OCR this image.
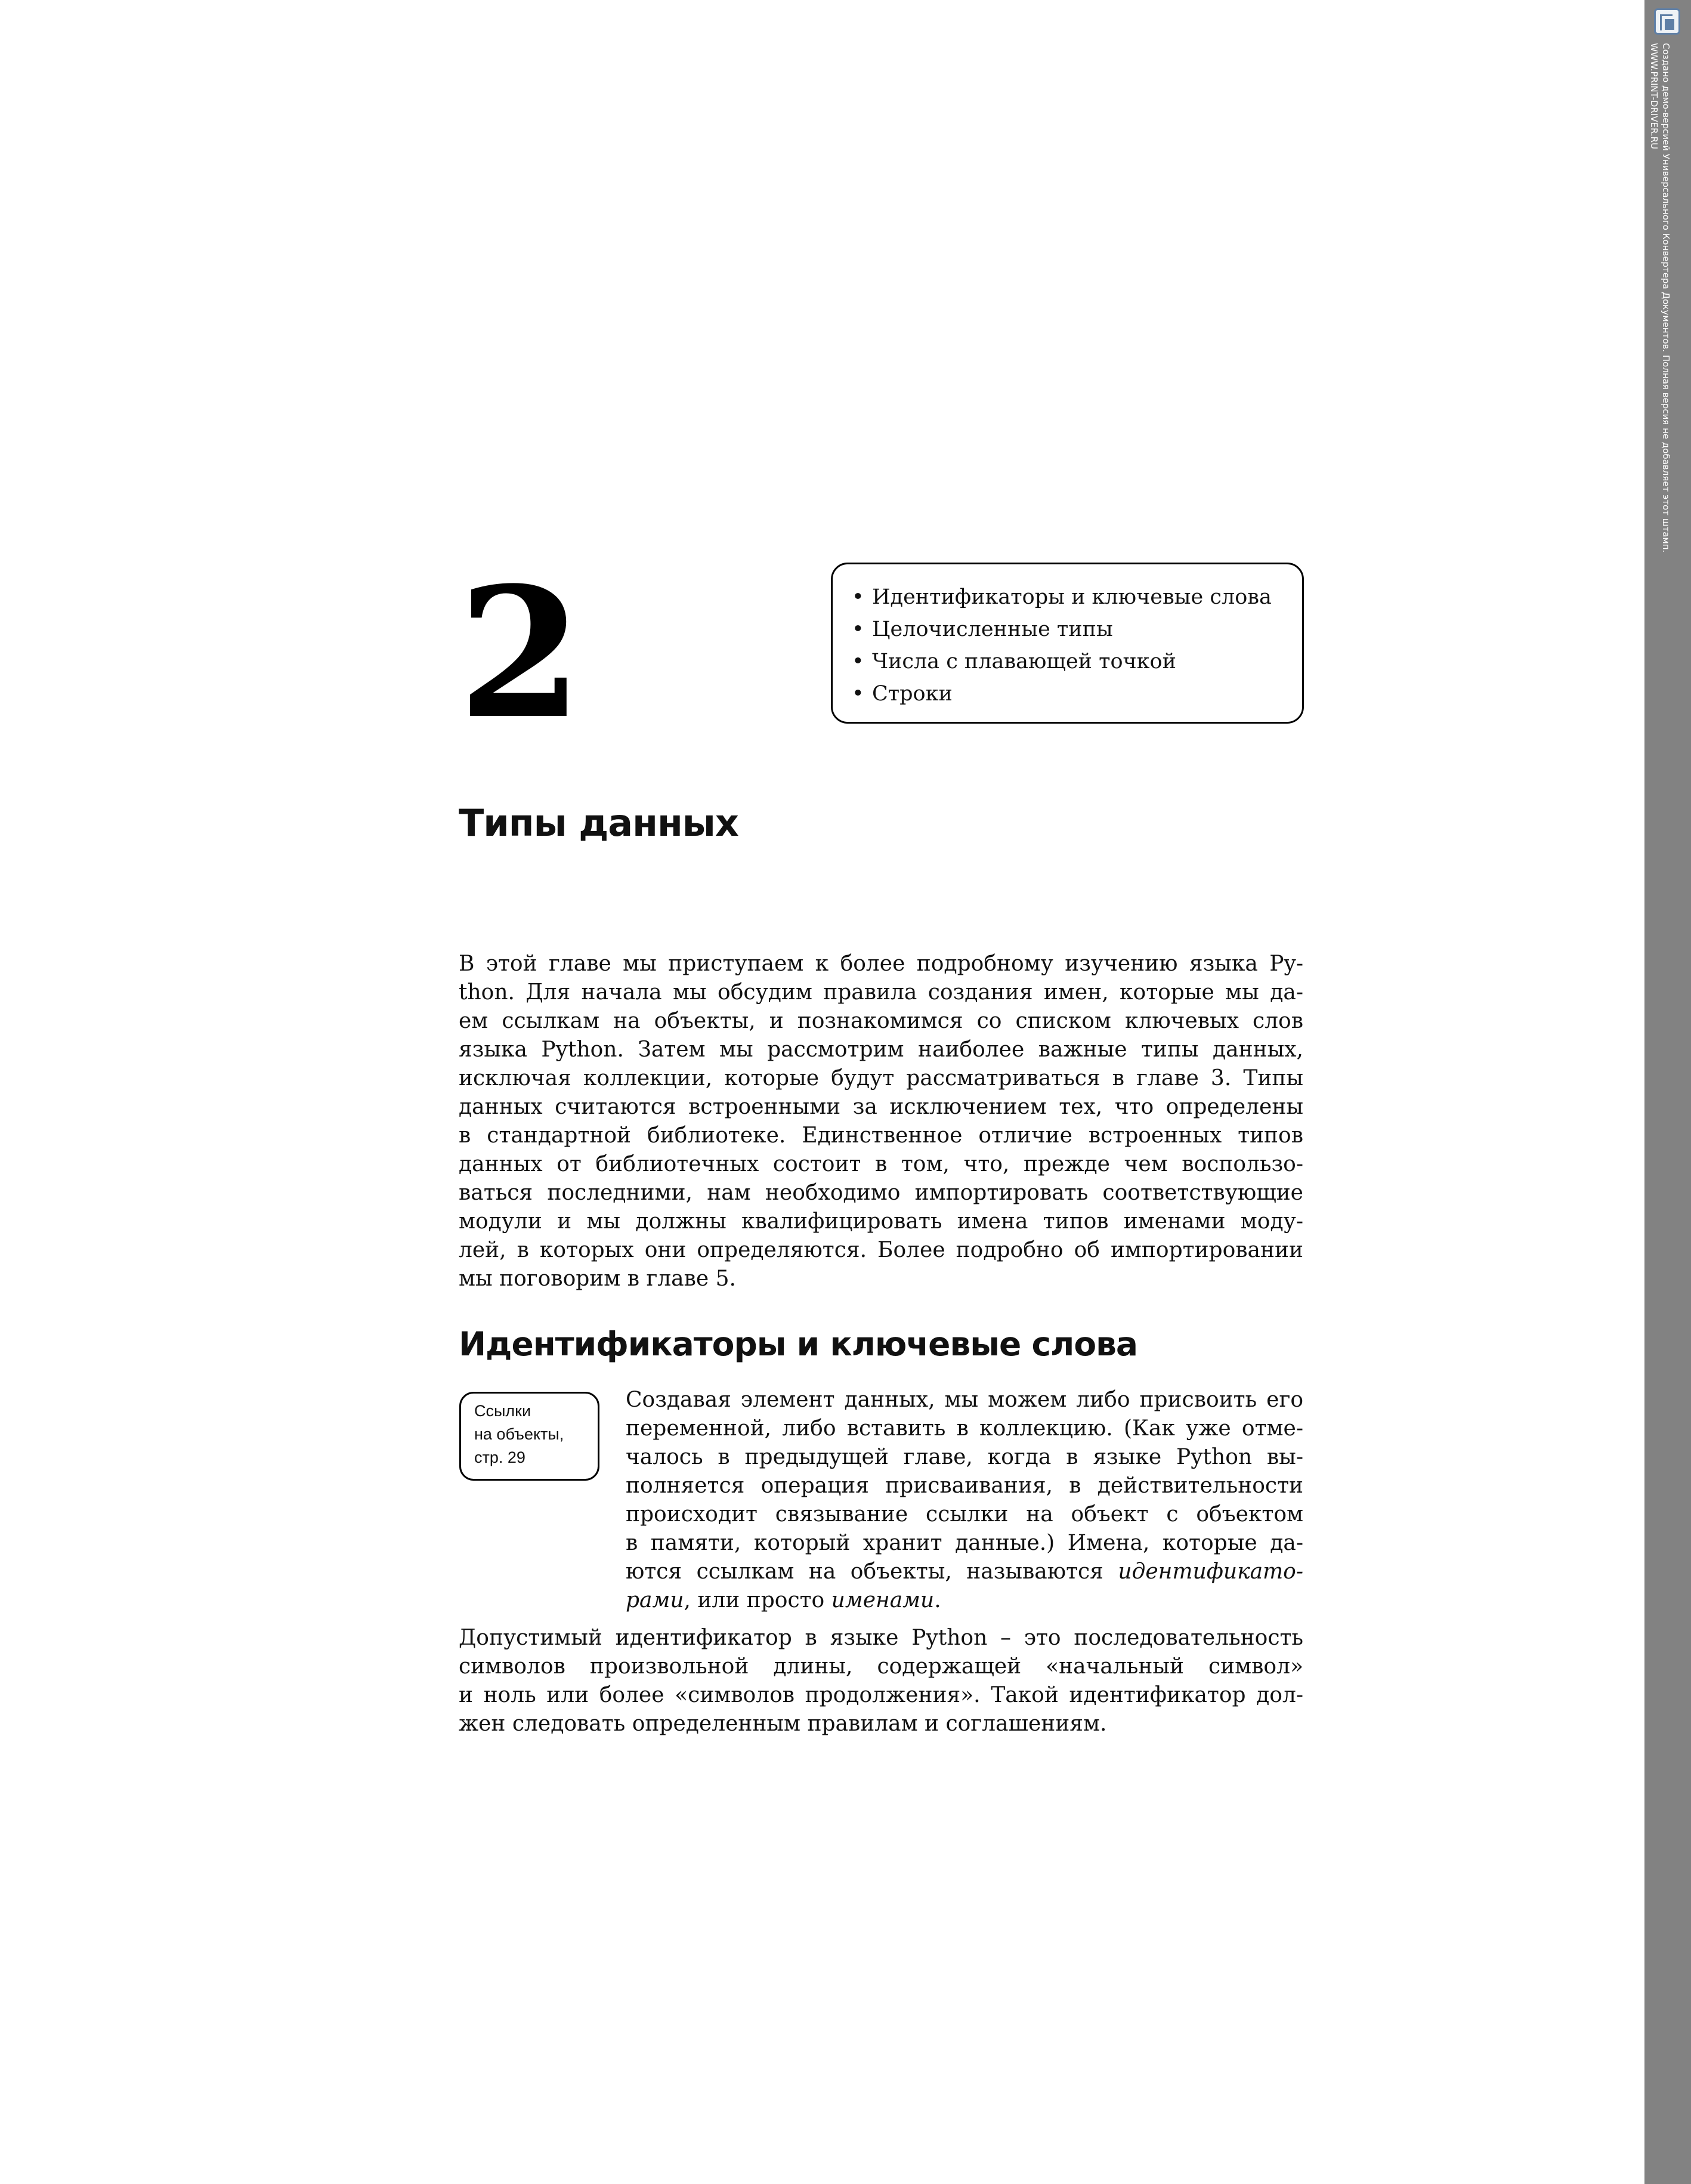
Создано демо-версией Универсального Конвертера Документов. Полная версия не добавляет этот штамп.
WWW.PRINT-DRIVER.RU
2
•	Идентификаторы и ключевые слова
• Целочисленные типы
• Числа с плавающей точкой
• Строки
Типы данных

В этой главе мы приступаем к более подробному изучению языка Py-
thon. Для начала мы обсудим правила создания имен, которые мы да-
ем ссылкам на объекты, и познакомимся со списком ключевых слов
языка Python. Затем мы рассмотрим наиболее важные типы данных,
исключая коллекции, которые будут рассматриваться в главе 3. Типы
данных считаются встроенными за исключением тех, что определены
в стандартной библиотеке. Единственное отличие встроенных типов
данных от библиотечных состоит в том, что, прежде чем воспользо-
ваться последними, нам необходимо импортировать соответствующие
модули и мы должны квалифицировать имена типов именами моду-
лей, в которых они определяются. Более подробно об импортировании
мы поговорим в главе 5.

Идентификаторы и ключевые слова
Ссылки
на объекты,
стр. 29

Создавая элемент данных, мы можем либо присвоить его
переменной, либо вставить в коллекцию. (Как уже отме-
чалось в предыдущей главе, когда в языке Python вы-
полняется операция присваивания, в действительности
происходит связывание ссылки на объект с объектом
в памяти, который хранит данные.) Имена, которые да-
ются ссылкам на объекты, называются идентификато-
рами, или просто именами.

Допустимый идентификатор в языке Python – это последовательность
символов произвольной длины, содержащей «начальный символ»
и ноль или более «символов продолжения». Такой идентификатор дол-
жен следовать определенным правилам и соглашениям.
